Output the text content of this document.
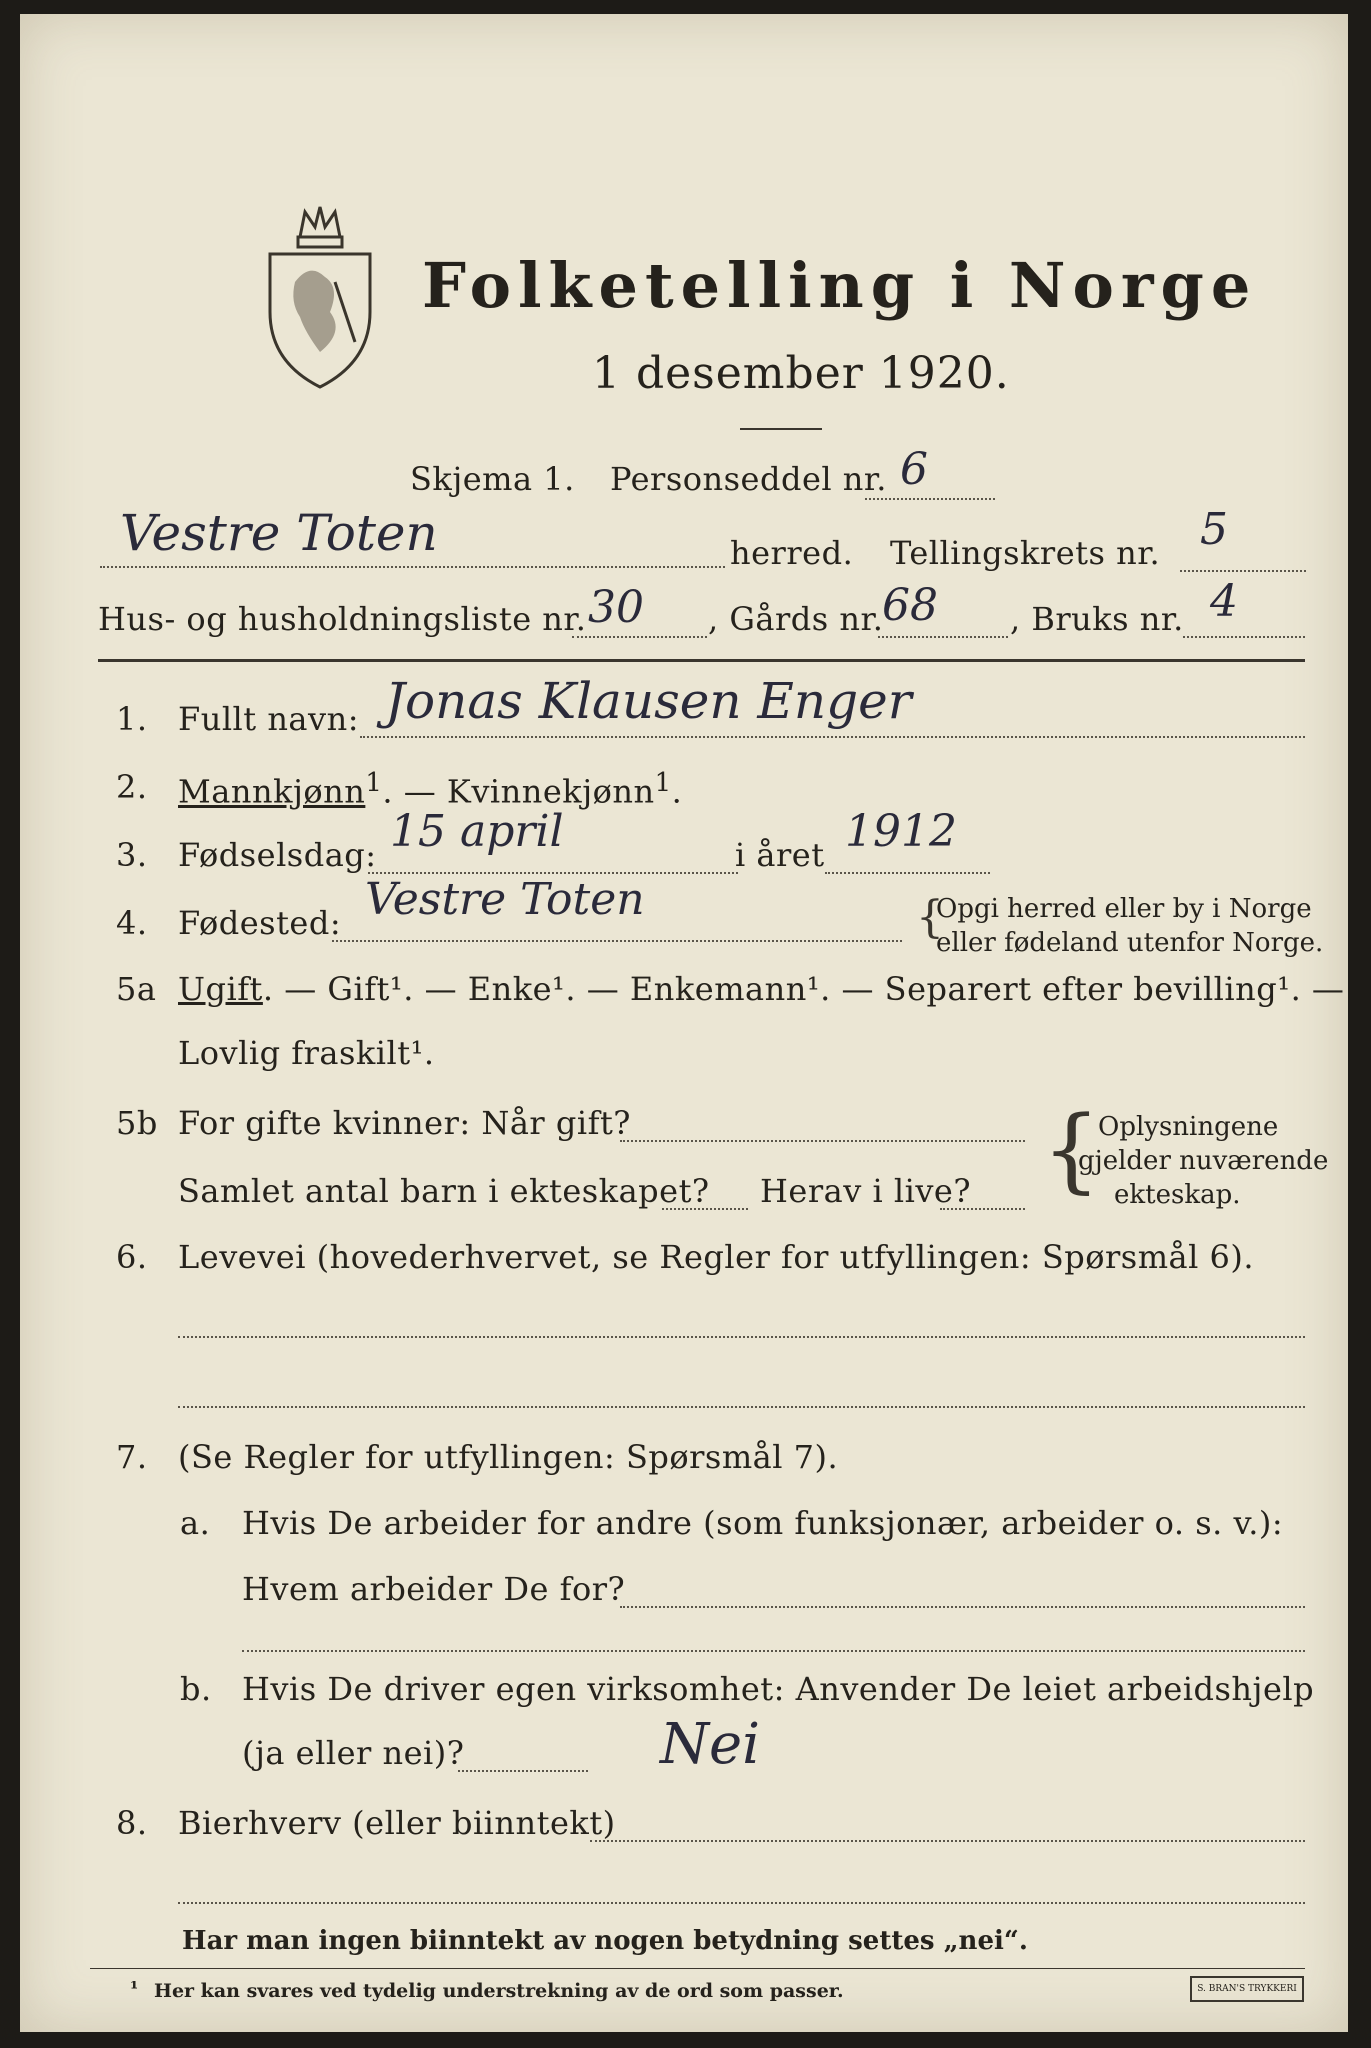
Folketelling i Norge
1 desember 1920.
Skjema 1. Personseddel nr. 6
Vestre Toten	herred. Tellingskrets nr. 5
Hus- og husholdningsliste nr. 30 , Gårds nr.
68 , Bruks nr. 4
1. Fullt navn: Jonas Klausen Enger
2. Mannkjønn$^1$. — Kvinnekjønn$^1$.
3. Fødselsdag: 15 april	i året 1912
4. Fødested: Vestre Toten	{
Opgi herred eller by i Norge
eller fødeland utenfor Norge.
5a Ugift. — Gift¹. — Enke¹. — Enkemann¹. — Separert efter bevilling¹. —
Lovlig fraskilt¹.
5b For gifte kvinner: Når gift?
Samlet antal barn i ekteskapet? Herav i live? {
Oplysningene
gjelder nuværende
ekteskap.
6. Levevei (hovederhvervet, se Regler for utfyllingen: Spørsmål 6).
7. (Se Regler for utfyllingen: Spørsmål 7).
a. Hvis De arbeider for andre (som funksjonær, arbeider o. s. v.):
Hvem arbeider De for?
b. Hvis De driver egen virksomhet: Anvender De leiet arbeidshjelp
(ja eller nei)?	Nei
8. Bierhverv (eller biinntekt)
Har man ingen biinntekt av nogen betydning settes „nei“.
¹ Her kan svares ved tydelig understrekning av de ord som passer.	S. BRAN'S TRYKKERI
